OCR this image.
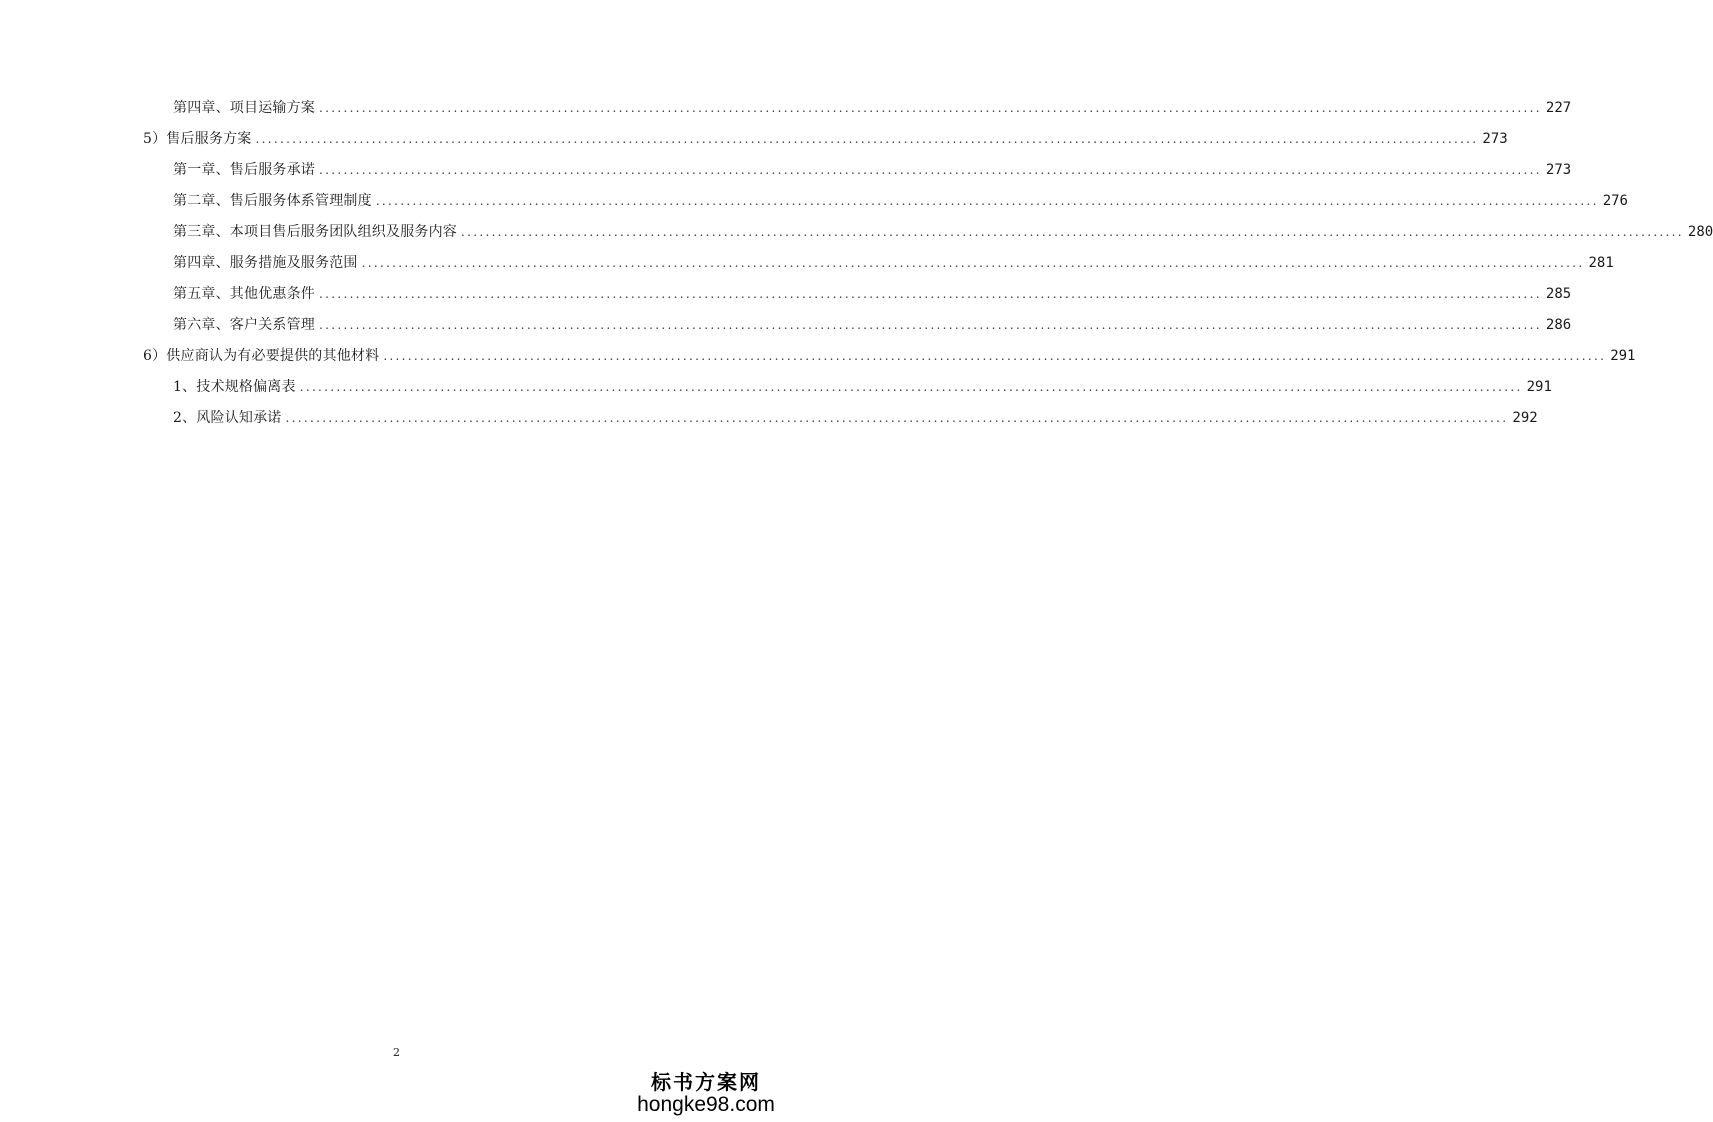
第四章、项目运输方案 ........................................................................................................................................................................................................ 227
5）售后服务方案 ........................................................................................................................................................................................................ 273
第一章、售后服务承诺 ........................................................................................................................................................................................................ 273
第二章、售后服务体系管理制度 ........................................................................................................................................................................................................ 276
第三章、本项目售后服务团队组织及服务内容 ........................................................................................................................................................................................................ 280
第四章、服务措施及服务范围 ........................................................................................................................................................................................................ 281
第五章、其他优惠条件 ........................................................................................................................................................................................................ 285
第六章、客户关系管理 ........................................................................................................................................................................................................ 286
6）供应商认为有必要提供的其他材料 ........................................................................................................................................................................................................ 291
1、技术规格偏离表 ........................................................................................................................................................................................................ 291
2、风险认知承诺 ........................................................................................................................................................................................................ 292
2
标书方案网
hongke98.com
